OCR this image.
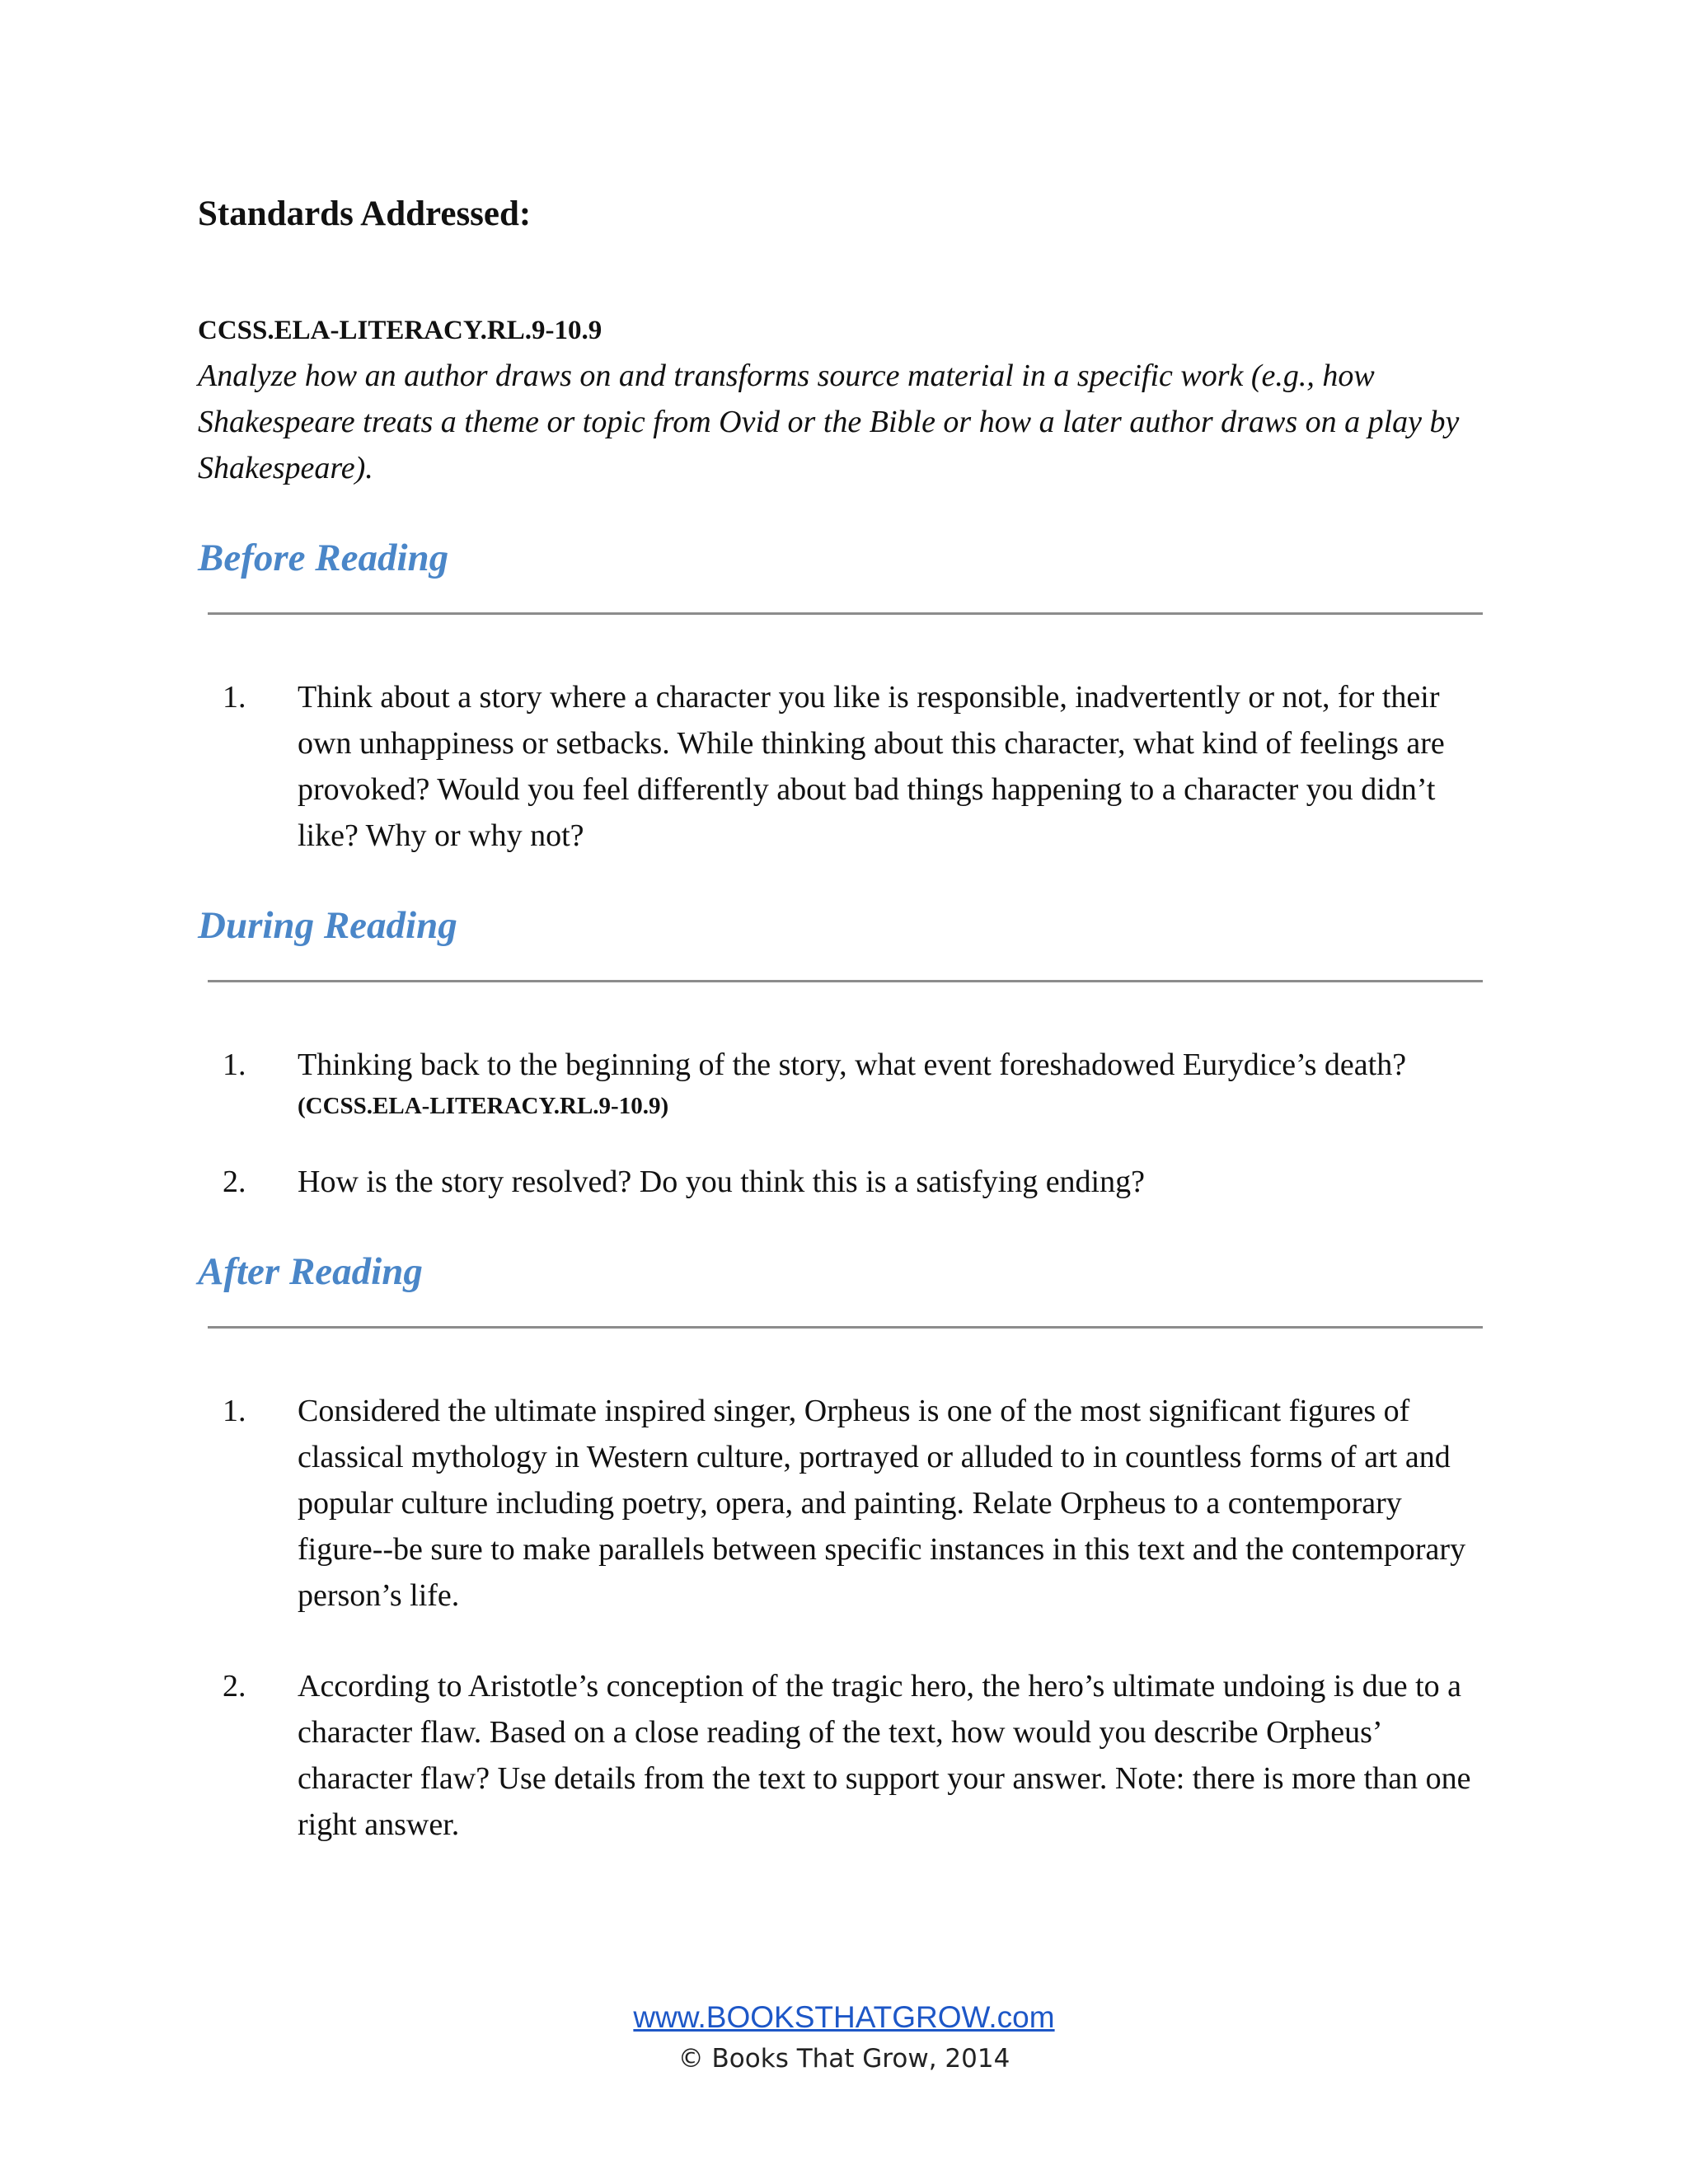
Standards Addressed:
CCSS.ELA-LITERACY.RL.9-10.9
Analyze how an author draws on and transforms source material in a specific work (e.g., how Shakespeare treats a theme or topic from Ovid or the Bible or how a later author draws on a play by Shakespeare).
Before Reading
1. Think about a story where a character you like is responsible, inadvertently or not, for their own unhappiness or setbacks. While thinking about this character, what kind of feelings are provoked? Would you feel differently about bad things happening to a character you didn’t like? Why or why not?
During Reading
1. Thinking back to the beginning of the story, what event foreshadowed Eurydice’s death?
(CCSS.ELA-LITERACY.RL.9-10.9)
2. How is the story resolved? Do you think this is a satisfying ending?
After Reading
1. Considered the ultimate inspired singer, Orpheus is one of the most significant figures of classical mythology in Western culture, portrayed or alluded to in countless forms of art and popular culture including poetry, opera, and painting. Relate Orpheus to a contemporary figure--be sure to make parallels between specific instances in this text and the contemporary person’s life.
2. According to Aristotle’s conception of the tragic hero, the hero’s ultimate undoing is due to a character flaw. Based on a close reading of the text, how would you describe Orpheus’ character flaw? Use details from the text to support your answer. Note: there is more than one right answer.
www.BOOKSTHATGROW.com
© Books That Grow, 2014
